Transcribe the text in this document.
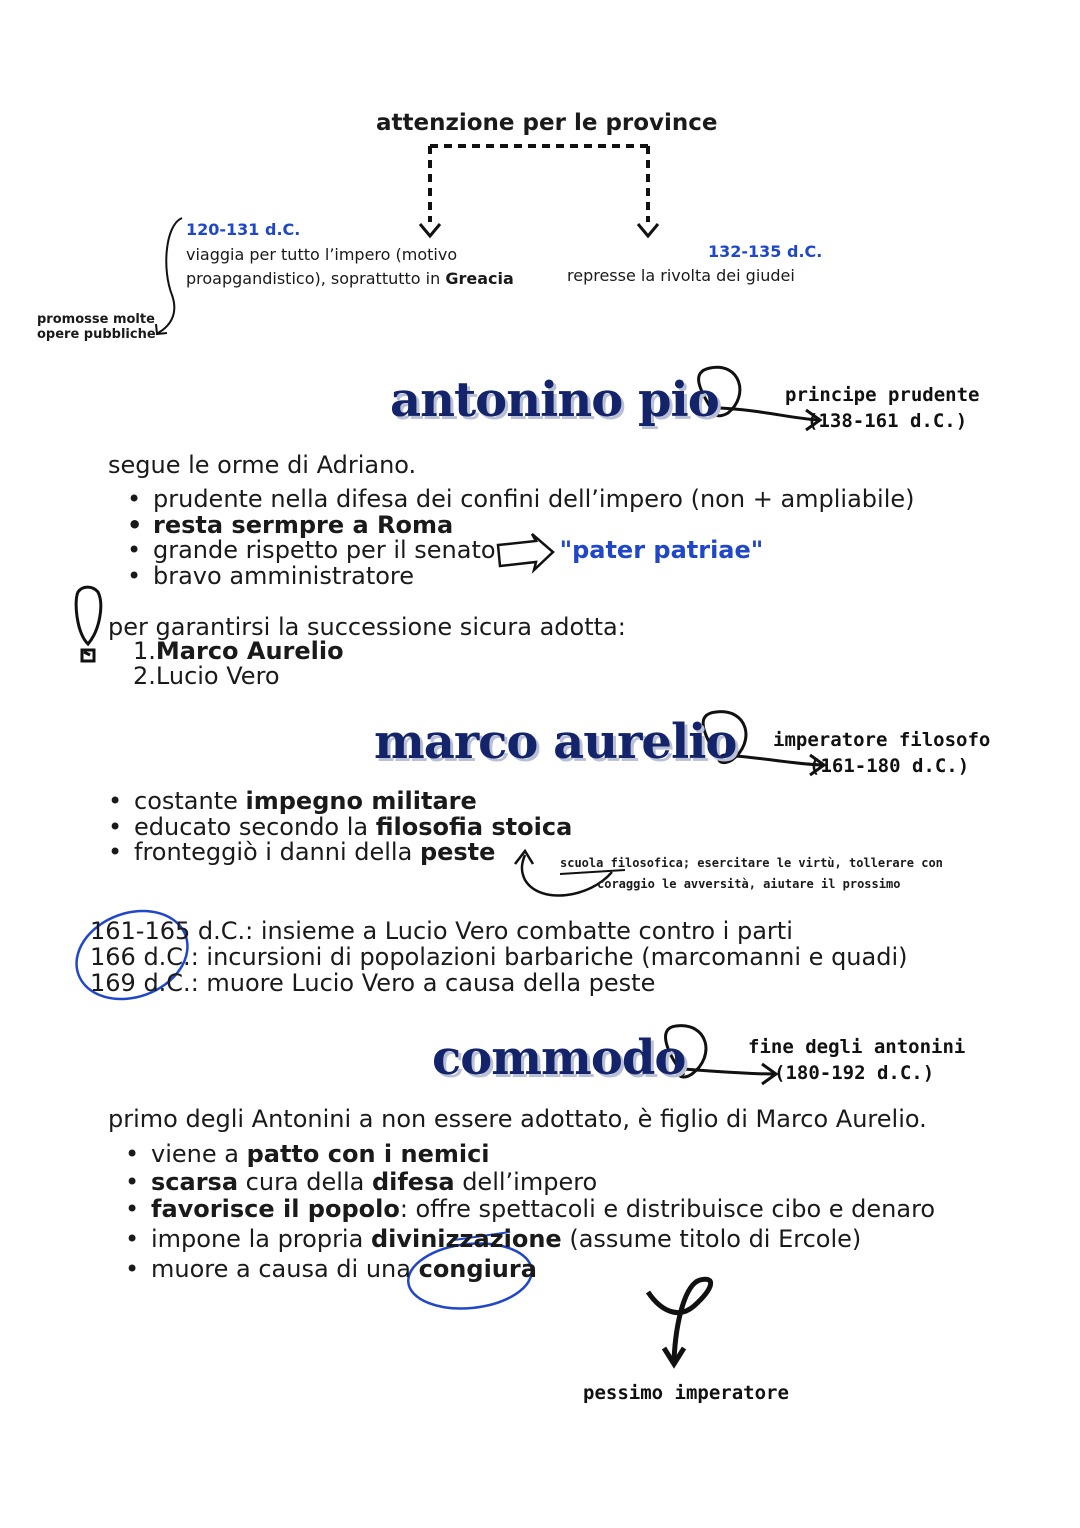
attenzione per le province
120-131 d.C.
viaggia per tutto l’impero (motivo
proapgandistico), soprattutto in Greacia
132-135 d.C.
represse la rivolta dei giudei
promosse molte
opere pubbliche
antonino pio	principe prudente
(138-161 d.C.)
segue le orme di Adriano.
• prudente nella difesa dei confini dell’impero (non + ampliabile)
• resta sermpre a Roma
• grande rispetto per il senato	"pater patriae"
• bravo amministratore
per garantirsi la successione sicura adotta:
1.Marco Aurelio
2.Lucio Vero
marco aurelio imperatore filosofo
(161-180 d.C.)
• costante impegno militare
• educato secondo la filosofia stoica
• fronteggiò i danni della peste	scuola filosofica; esercitare le virtù, tollerare con
coraggio le avversità, aiutare il prossimo
161-165 d.C.: insieme a Lucio Vero combatte contro i parti
166 d.C.: incursioni di popolazioni barbariche (marcomanni e quadi)
169 d.C.: muore Lucio Vero a causa della peste
commodo	fine degli antonini
(180-192 d.C.)
primo degli Antonini a non essere adottato, è figlio di Marco Aurelio.
• viene a patto con i nemici
• scarsa cura della difesa dell’impero
• favorisce il popolo: offre spettacoli e distribuisce cibo e denaro
• impone la propria divinizzazione (assume titolo di Ercole)
• muore a causa di una congiura
pessimo imperatore
